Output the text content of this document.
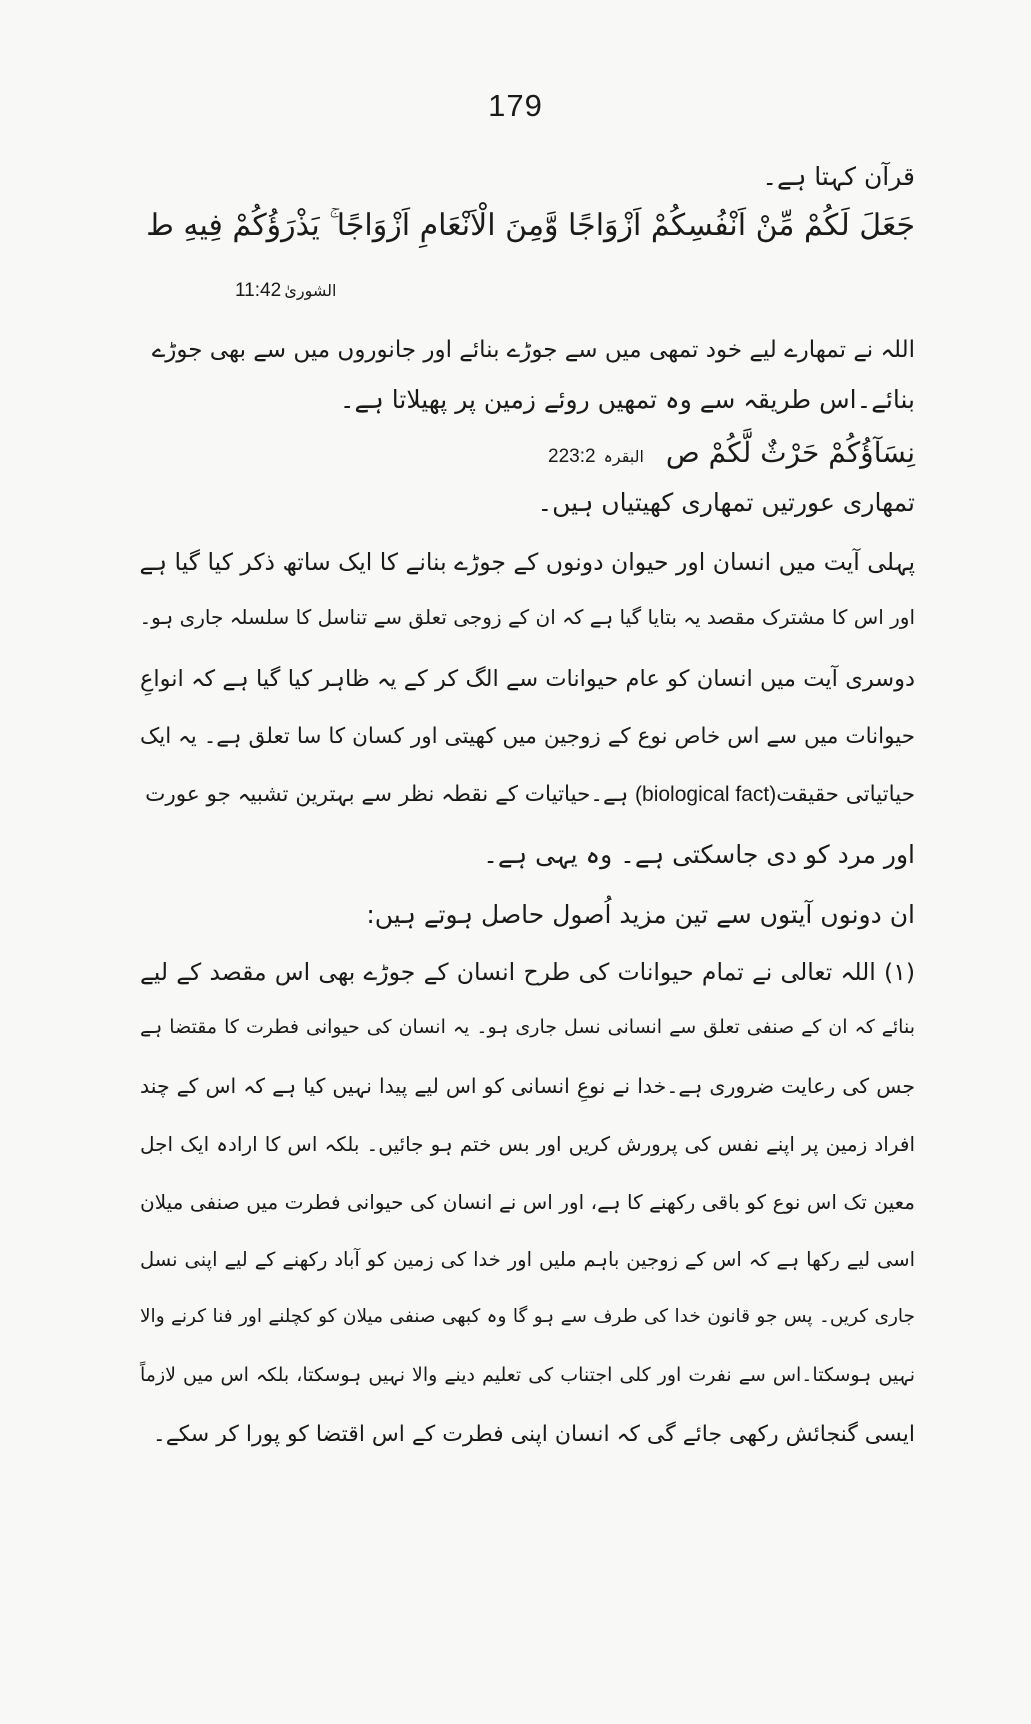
179
قرآن کہتا ہے۔
جَعَلَ لَكُمْ مِّنْ اَنْفُسِكُمْ اَزْوَاجًا وَّمِنَ الْاَنْعَامِ اَزْوَاجًا ۚ يَذْرَؤُكُمْ فِيهِ ط
11:42 الشوریٰ
اللہ نے تمھارے لیے خود تمھی میں سے جوڑے بنائے اور جانوروں میں سے بھی جوڑے
بنائے۔اس طریقہ سے وہ تمھیں روئے زمین پر پھیلاتا ہے۔
نِسَآؤُكُمْ حَرْثٌ لَّكُمْ ص البقرہ 223:2
تمھاری عورتیں تمھاری کھیتیاں ہیں۔
پہلی آیت میں انسان اور حیوان دونوں کے جوڑے بنانے کا ایک ساتھ ذکر کیا گیا ہے
اور اس کا مشترک مقصد یہ بتایا گیا ہے کہ ان کے زوجی تعلق سے تناسل کا سلسلہ جاری ہو۔
دوسری آیت میں انسان کو عام حیوانات سے الگ کر کے یہ ظاہر کیا گیا ہے کہ انواعِ
حیوانات میں سے اس خاص نوع کے زوجین میں کھیتی اور کسان کا سا تعلق ہے۔ یہ ایک
حیاتیاتی حقیقت(biological fact) ہے۔حیاتیات کے نقطہ نظر سے بہترین تشبیہ جو عورت
اور مرد کو دی جاسکتی ہے۔ وہ یہی ہے۔
ان دونوں آیتوں سے تین مزید اُصول حاصل ہوتے ہیں:
(۱) اللہ تعالی نے تمام حیوانات کی طرح انسان کے جوڑے بھی اس مقصد کے لیے
بنائے کہ ان کے صنفی تعلق سے انسانی نسل جاری ہو۔ یہ انسان کی حیوانی فطرت کا مقتضا ہے
جس کی رعایت ضروری ہے۔خدا نے نوعِ انسانی کو اس لیے پیدا نہیں کیا ہے کہ اس کے چند
افراد زمین پر اپنے نفس کی پرورش کریں اور بس ختم ہو جائیں۔ بلکہ اس کا ارادہ ایک اجل
معین تک اس نوع کو باقی رکھنے کا ہے، اور اس نے انسان کی حیوانی فطرت میں صنفی میلان
اسی لیے رکھا ہے کہ اس کے زوجین باہم ملیں اور خدا کی زمین کو آباد رکھنے کے لیے اپنی نسل
جاری کریں۔ پس جو قانون خدا کی طرف سے ہو گا وہ کبھی صنفی میلان کو کچلنے اور فنا کرنے والا
نہیں ہوسکتا۔اس سے نفرت اور کلی اجتناب کی تعلیم دینے والا نہیں ہوسکتا، بلکہ اس میں لازماً
ایسی گنجائش رکھی جائے گی کہ انسان اپنی فطرت کے اس اقتضا کو پورا کر سکے۔
